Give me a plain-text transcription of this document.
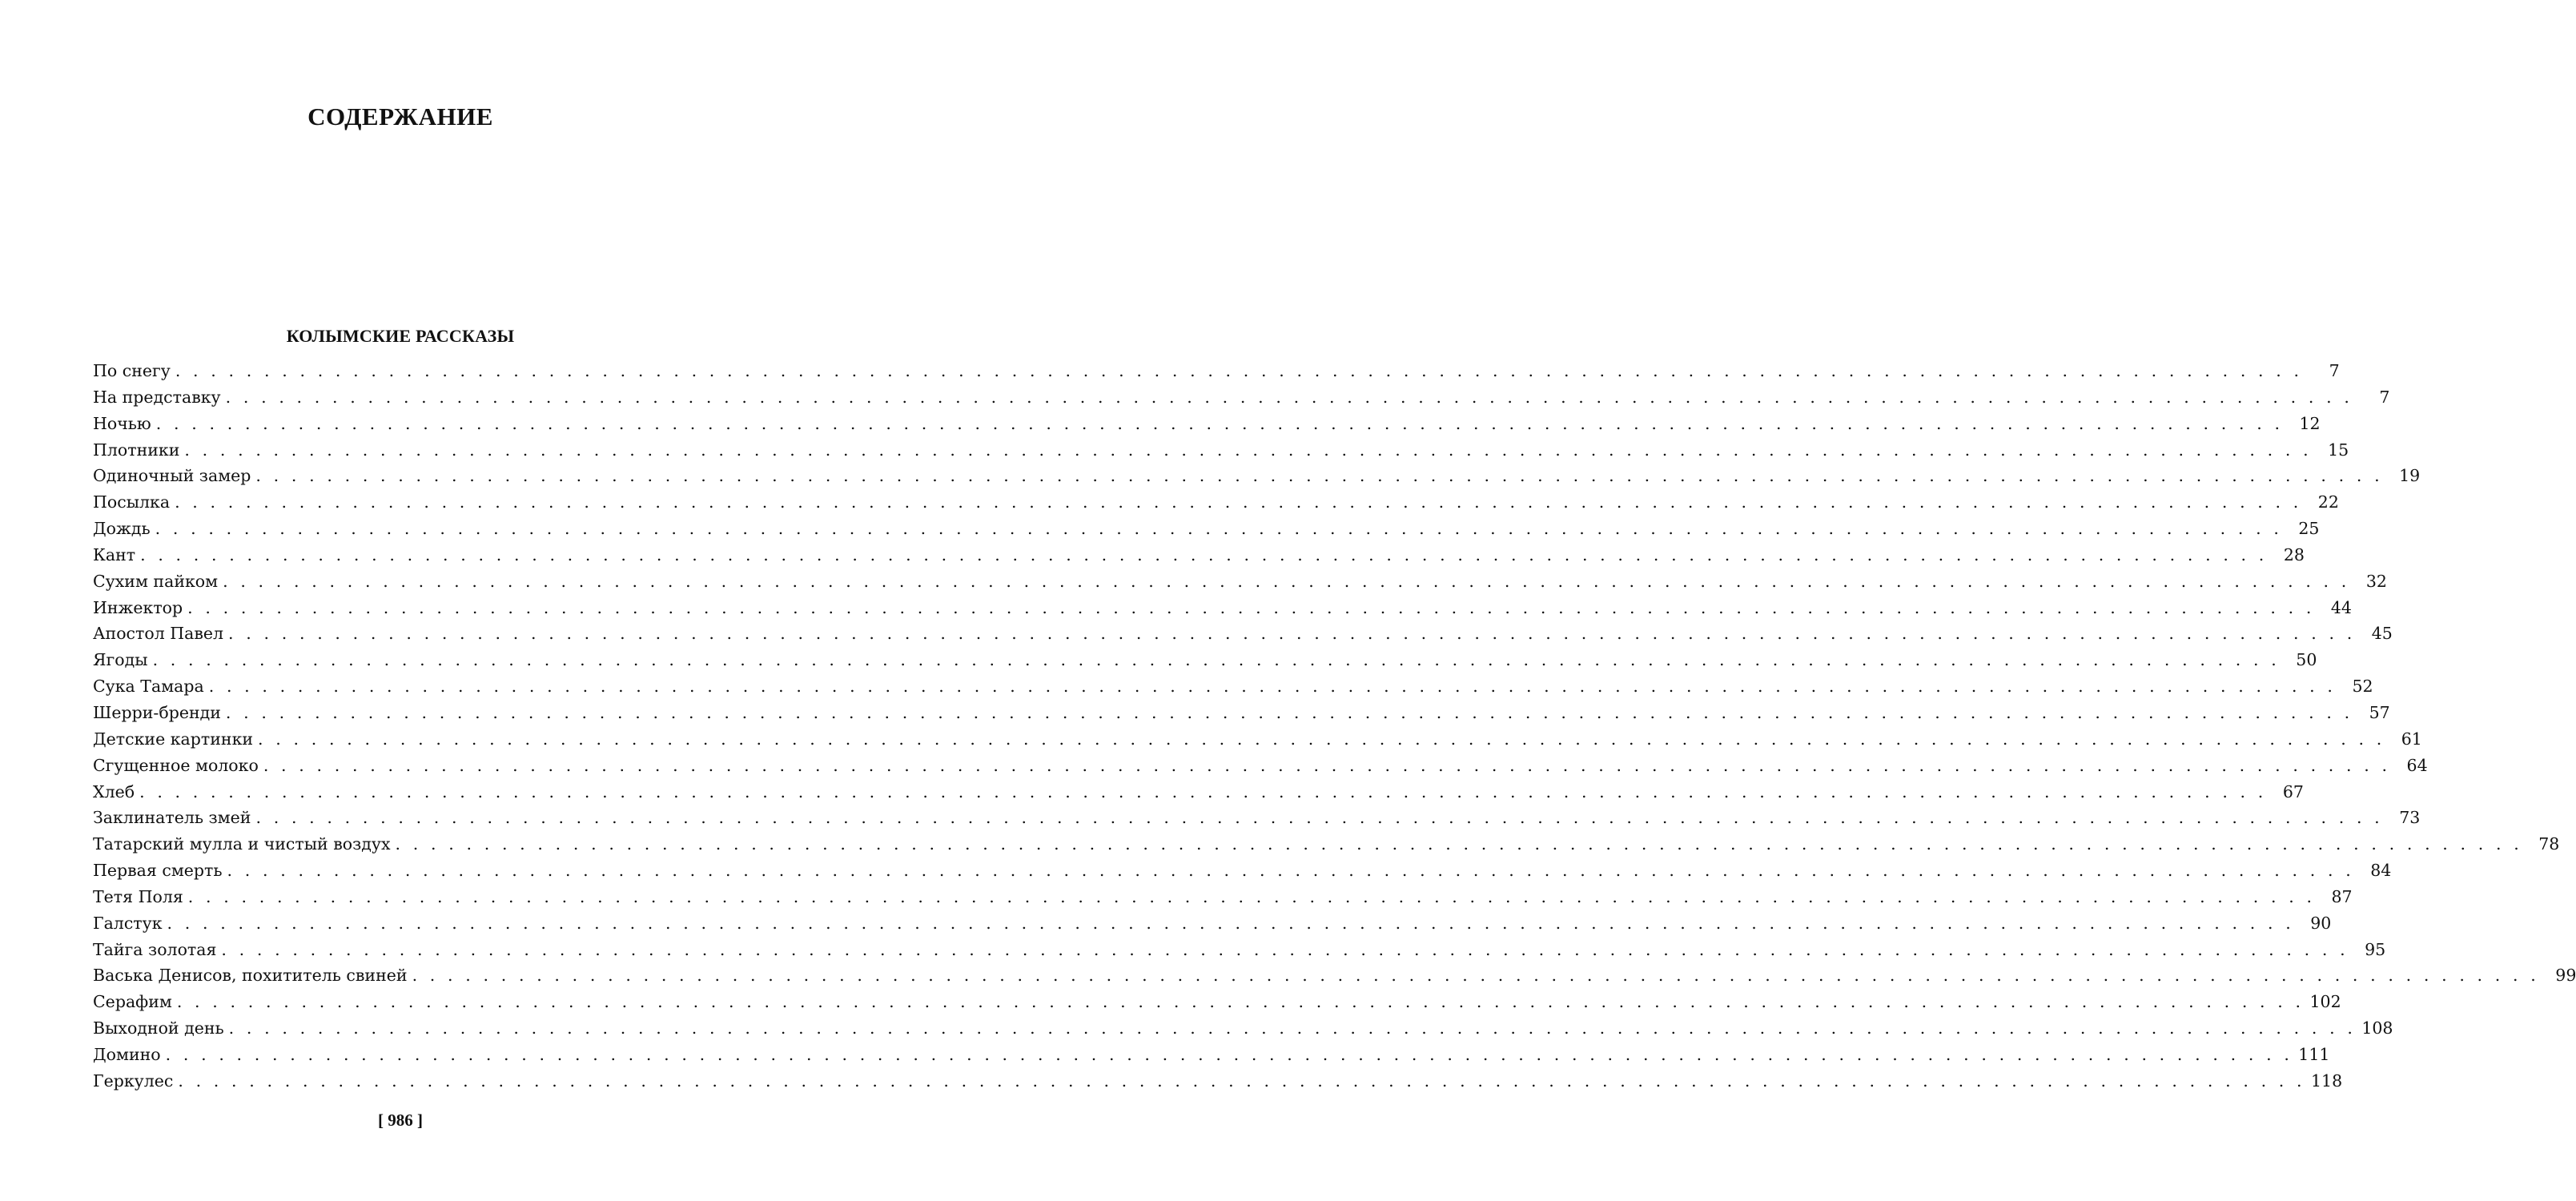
СОДЕРЖАНИЕ
КОЛЫМСКИЕ РАССКАЗЫ
По снегу . . . . . . . . . . . . . . . . . . . . . . . . . . . . . . . . . . . . . . . . . . . . . . . . . . . . . . . . . . . . . . . . . . . . . . . . . . . . . . . . . . . . . . . . . . . . . . . . . . . . . . . . . . . . . . . . . . . . . . . .	7
На представку . . . . . . . . . . . . . . . . . . . . . . . . . . . . . . . . . . . . . . . . . . . . . . . . . . . . . . . . . . . . . . . . . . . . . . . . . . . . . . . . . . . . . . . . . . . . . . . . . . . . . . . . . . . . . . . . . . . . . . . .	7
Ночью . . . . . . . . . . . . . . . . . . . . . . . . . . . . . . . . . . . . . . . . . . . . . . . . . . . . . . . . . . . . . . . . . . . . . . . . . . . . . . . . . . . . . . . . . . . . . . . . . . . . . . . . . . . . . . . . . . . . . . . . 12
Плотники . . . . . . . . . . . . . . . . . . . . . . . . . . . . . . . . . . . . . . . . . . . . . . . . . . . . . . . . . . . . . . . . . . . . . . . . . . . . . . . . . . . . . . . . . . . . . . . . . . . . . . . . . . . . . . . . . . . . . . . . 15
Одиночный замер . . . . . . . . . . . . . . . . . . . . . . . . . . . . . . . . . . . . . . . . . . . . . . . . . . . . . . . . . . . . . . . . . . . . . . . . . . . . . . . . . . . . . . . . . . . . . . . . . . . . . . . . . . . . . . . . . . . . . . . . 19
Посылка . . . . . . . . . . . . . . . . . . . . . . . . . . . . . . . . . . . . . . . . . . . . . . . . . . . . . . . . . . . . . . . . . . . . . . . . . . . . . . . . . . . . . . . . . . . . . . . . . . . . . . . . . . . . . . . . . . . . . . . . 22
Дождь . . . . . . . . . . . . . . . . . . . . . . . . . . . . . . . . . . . . . . . . . . . . . . . . . . . . . . . . . . . . . . . . . . . . . . . . . . . . . . . . . . . . . . . . . . . . . . . . . . . . . . . . . . . . . . . . . . . . . . . . 25
Кант . . . . . . . . . . . . . . . . . . . . . . . . . . . . . . . . . . . . . . . . . . . . . . . . . . . . . . . . . . . . . . . . . . . . . . . . . . . . . . . . . . . . . . . . . . . . . . . . . . . . . . . . . . . . . . . . . . . . . . . . 28
Сухим пайком . . . . . . . . . . . . . . . . . . . . . . . . . . . . . . . . . . . . . . . . . . . . . . . . . . . . . . . . . . . . . . . . . . . . . . . . . . . . . . . . . . . . . . . . . . . . . . . . . . . . . . . . . . . . . . . . . . . . . . . . 32
Инжектор . . . . . . . . . . . . . . . . . . . . . . . . . . . . . . . . . . . . . . . . . . . . . . . . . . . . . . . . . . . . . . . . . . . . . . . . . . . . . . . . . . . . . . . . . . . . . . . . . . . . . . . . . . . . . . . . . . . . . . . . 44
Апостол Павел . . . . . . . . . . . . . . . . . . . . . . . . . . . . . . . . . . . . . . . . . . . . . . . . . . . . . . . . . . . . . . . . . . . . . . . . . . . . . . . . . . . . . . . . . . . . . . . . . . . . . . . . . . . . . . . . . . . . . . . . 45
Ягоды . . . . . . . . . . . . . . . . . . . . . . . . . . . . . . . . . . . . . . . . . . . . . . . . . . . . . . . . . . . . . . . . . . . . . . . . . . . . . . . . . . . . . . . . . . . . . . . . . . . . . . . . . . . . . . . . . . . . . . . . 50
Сука Тамара . . . . . . . . . . . . . . . . . . . . . . . . . . . . . . . . . . . . . . . . . . . . . . . . . . . . . . . . . . . . . . . . . . . . . . . . . . . . . . . . . . . . . . . . . . . . . . . . . . . . . . . . . . . . . . . . . . . . . . . . 52
Шерри-бренди . . . . . . . . . . . . . . . . . . . . . . . . . . . . . . . . . . . . . . . . . . . . . . . . . . . . . . . . . . . . . . . . . . . . . . . . . . . . . . . . . . . . . . . . . . . . . . . . . . . . . . . . . . . . . . . . . . . . . . . . 57
Детские картинки . . . . . . . . . . . . . . . . . . . . . . . . . . . . . . . . . . . . . . . . . . . . . . . . . . . . . . . . . . . . . . . . . . . . . . . . . . . . . . . . . . . . . . . . . . . . . . . . . . . . . . . . . . . . . . . . . . . . . . . . 61
Сгущенное молоко . . . . . . . . . . . . . . . . . . . . . . . . . . . . . . . . . . . . . . . . . . . . . . . . . . . . . . . . . . . . . . . . . . . . . . . . . . . . . . . . . . . . . . . . . . . . . . . . . . . . . . . . . . . . . . . . . . . . . . . . 64
Хлеб . . . . . . . . . . . . . . . . . . . . . . . . . . . . . . . . . . . . . . . . . . . . . . . . . . . . . . . . . . . . . . . . . . . . . . . . . . . . . . . . . . . . . . . . . . . . . . . . . . . . . . . . . . . . . . . . . . . . . . . . 67
Заклинатель змей . . . . . . . . . . . . . . . . . . . . . . . . . . . . . . . . . . . . . . . . . . . . . . . . . . . . . . . . . . . . . . . . . . . . . . . . . . . . . . . . . . . . . . . . . . . . . . . . . . . . . . . . . . . . . . . . . . . . . . . . 73
Татарский мулла и чистый воздух . . . . . . . . . . . . . . . . . . . . . . . . . . . . . . . . . . . . . . . . . . . . . . . . . . . . . . . . . . . . . . . . . . . . . . . . . . . . . . . . . . . . . . . . . . . . . . . . . . . . . . . . . . . . . . . . . . . . . . . . 78
Первая смерть . . . . . . . . . . . . . . . . . . . . . . . . . . . . . . . . . . . . . . . . . . . . . . . . . . . . . . . . . . . . . . . . . . . . . . . . . . . . . . . . . . . . . . . . . . . . . . . . . . . . . . . . . . . . . . . . . . . . . . . . 84
Тетя Поля . . . . . . . . . . . . . . . . . . . . . . . . . . . . . . . . . . . . . . . . . . . . . . . . . . . . . . . . . . . . . . . . . . . . . . . . . . . . . . . . . . . . . . . . . . . . . . . . . . . . . . . . . . . . . . . . . . . . . . . . 87
Галстук . . . . . . . . . . . . . . . . . . . . . . . . . . . . . . . . . . . . . . . . . . . . . . . . . . . . . . . . . . . . . . . . . . . . . . . . . . . . . . . . . . . . . . . . . . . . . . . . . . . . . . . . . . . . . . . . . . . . . . . . 90
Тайга золотая . . . . . . . . . . . . . . . . . . . . . . . . . . . . . . . . . . . . . . . . . . . . . . . . . . . . . . . . . . . . . . . . . . . . . . . . . . . . . . . . . . . . . . . . . . . . . . . . . . . . . . . . . . . . . . . . . . . . . . . . 95
Васька Денисов, похититель свиней . . . . . . . . . . . . . . . . . . . . . . . . . . . . . . . . . . . . . . . . . . . . . . . . . . . . . . . . . . . . . . . . . . . . . . . . . . . . . . . . . . . . . . . . . . . . . . . . . . . . . . . . . . . . . . . . . . . . . . . . 99
Серафим . . . . . . . . . . . . . . . . . . . . . . . . . . . . . . . . . . . . . . . . . . . . . . . . . . . . . . . . . . . . . . . . . . . . . . . . . . . . . . . . . . . . . . . . . . . . . . . . . . . . . . . . . . . . . . . . . . . . . . . . 102
Выходной день . . . . . . . . . . . . . . . . . . . . . . . . . . . . . . . . . . . . . . . . . . . . . . . . . . . . . . . . . . . . . . . . . . . . . . . . . . . . . . . . . . . . . . . . . . . . . . . . . . . . . . . . . . . . . . . . . . . . . . . . 108
Домино . . . . . . . . . . . . . . . . . . . . . . . . . . . . . . . . . . . . . . . . . . . . . . . . . . . . . . . . . . . . . . . . . . . . . . . . . . . . . . . . . . . . . . . . . . . . . . . . . . . . . . . . . . . . . . . . . . . . . . . . 111
Геркулес . . . . . . . . . . . . . . . . . . . . . . . . . . . . . . . . . . . . . . . . . . . . . . . . . . . . . . . . . . . . . . . . . . . . . . . . . . . . . . . . . . . . . . . . . . . . . . . . . . . . . . . . . . . . . . . . . . . . . . . . 118
[ 986 ]
